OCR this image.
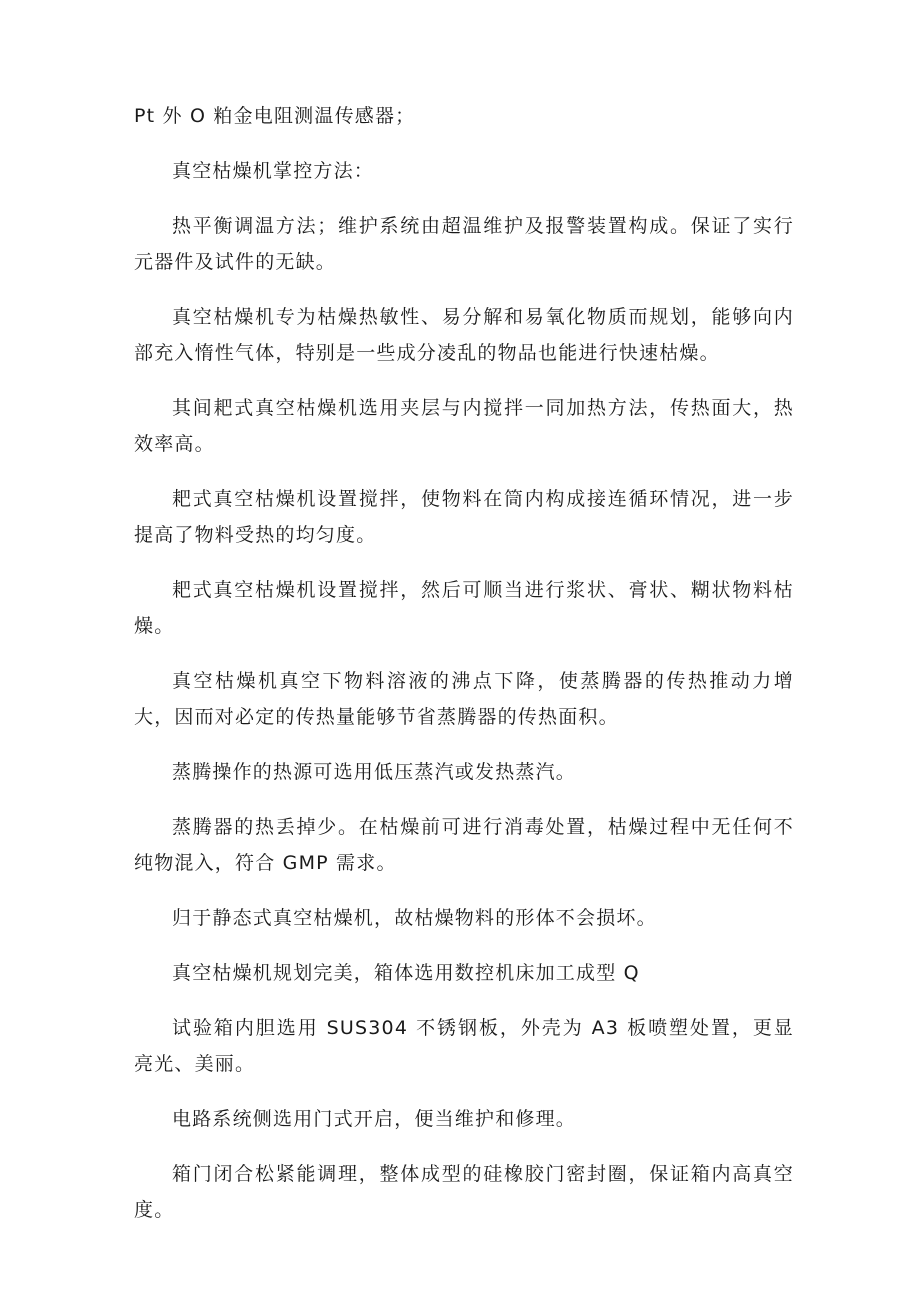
Pt 外 O 粕金电阻测温传感器；

真空枯燥机掌控方法：

热平衡调温方法；维护系统由超温维护及报警装置构成。保证了实行元器件及试件的无缺。

真空枯燥机专为枯燥热敏性、易分解和易氧化物质而规划，能够向内部充入惰性气体，特别是一些成分凌乱的物品也能进行快速枯燥。

其间耙式真空枯燥机选用夹层与内搅拌一同加热方法，传热面大，热效率高。

耙式真空枯燥机设置搅拌，使物料在筒内构成接连循环情况，进一步提高了物料受热的均匀度。

耙式真空枯燥机设置搅拌，然后可顺当进行浆状、膏状、糊状物料枯燥。

真空枯燥机真空下物料溶液的沸点下降，使蒸腾器的传热推动力增大，因而对必定的传热量能够节省蒸腾器的传热面积。

蒸腾操作的热源可选用低压蒸汽或发热蒸汽。

蒸腾器的热丢掉少。在枯燥前可进行消毒处置，枯燥过程中无任何不纯物混入，符合 GMP 需求。

归于静态式真空枯燥机，故枯燥物料的形体不会损坏。

真空枯燥机规划完美，箱体选用数控机床加工成型 Q

试验箱内胆选用 SUS304 不锈钢板，外壳为 A3 板喷塑处置，更显亮光、美丽。

电路系统侧选用门式开启，便当维护和修理。

箱门闭合松紧能调理，整体成型的硅橡胶门密封圈，保证箱内高真空度。
